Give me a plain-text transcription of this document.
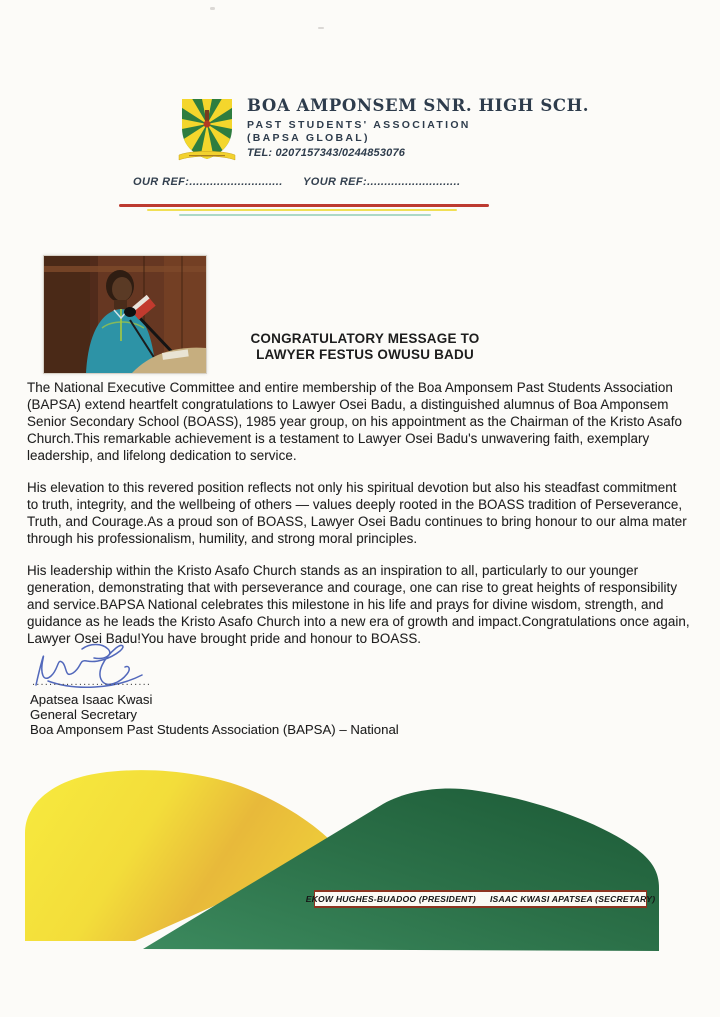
BOA AMPONSEM SNR. HIGH SCH.
PAST STUDENTS' ASSOCIATION
(BAPSA GLOBAL)
TEL: 0207157343/0244853076
OUR REF:........................... YOUR REF:...........................
CONGRATULATORY MESSAGE TO
LAWYER FESTUS OWUSU BADU

The National Executive Committee and entire membership of the Boa Amponsem Past Students Association (BAPSA) extend heartfelt congratulations to Lawyer Osei Badu, a distinguished alumnus of Boa Amponsem Senior Secondary School (BOASS), 1985 year group, on his appointment as the Chairman of the Kristo Asafo Church.This remarkable achievement is a testament to Lawyer Osei Badu's unwavering faith, exemplary leadership, and lifelong dedication to service.

His elevation to this revered position reflects not only his spiritual devotion but also his steadfast commitment to truth, integrity, and the wellbeing of others — values deeply rooted in the BOASS tradition of Perseverance, Truth, and Courage.As a proud son of BOASS, Lawyer Osei Badu continues to bring honour to our alma mater through his professionalism, humility, and strong moral principles.

His leadership within the Kristo Asafo Church stands as an inspiration to all, particularly to our younger generation, demonstrating that with perseverance and courage, one can rise to great heights of responsibility and service.BAPSA National celebrates this milestone in his life and prays for divine wisdom, strength, and guidance as he leads the Kristo Asafo Church into a new era of growth and impact.Congratulations once again, Lawyer Osei Badu!You have brought pride and honour to BOASS.

............................
Apatsea Isaac Kwasi
General Secretary
Boa Amponsem Past Students Association (BAPSA) – National
EKOW HUGHES-BUADOO (PRESIDENT) ISAAC KWASI APATSEA (SECRETARY)
